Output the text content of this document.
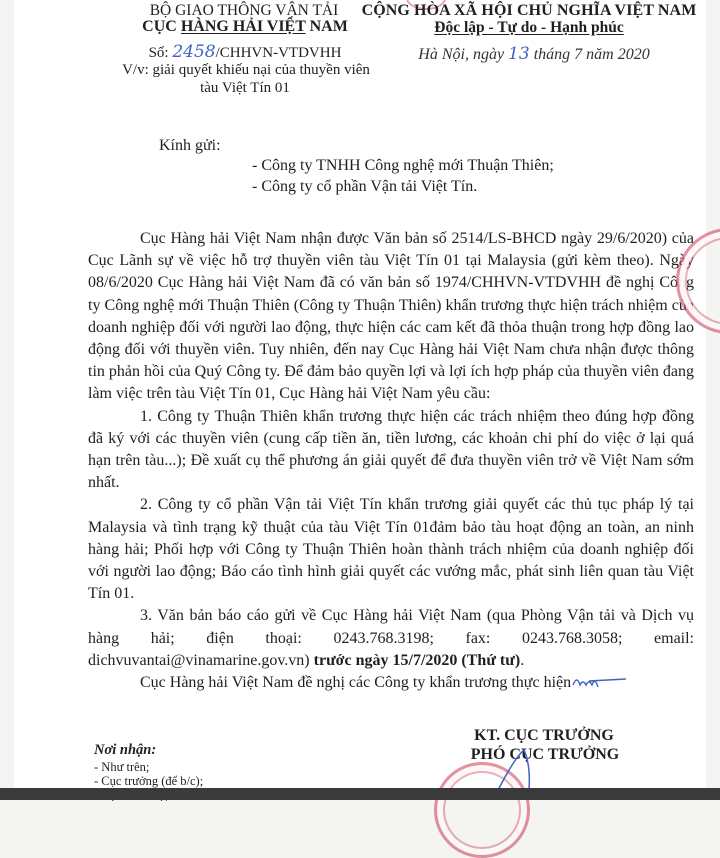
BỘ GIAO THÔNG VẬN TẢI
CỤC HÀNG HẢI VIỆT NAM
Số: 2458/CHHVN-VTDVHH
V/v: giải quyết khiếu nại của thuyền viên
tàu Việt Tín 01
CỘNG HÒA XÃ HỘI CHỦ NGHĨA VIỆT NAM
Độc lập - Tự do - Hạnh phúc
Hà Nội, ngày 13 tháng 7 năm 2020
Kính gửi:
- Công ty TNHH Công nghệ mới Thuận Thiên;
- Công ty cổ phần Vận tải Việt Tín.

Cục Hàng hải Việt Nam nhận được Văn bản số 2514/LS-BHCD ngày 29/6/2020) của Cục Lãnh sự về việc hỗ trợ thuyền viên tàu Việt Tín 01 tại Malaysia (gửi kèm theo). Ngày 08/6/2020 Cục Hàng hải Việt Nam đã có văn bản số 1974/CHHVN-VTDVHH đề nghị Công ty Công nghệ mới Thuận Thiên (Công ty Thuận Thiên) khẩn trương thực hiện trách nhiệm của doanh nghiệp đối với người lao động, thực hiện các cam kết đã thỏa thuận trong hợp đồng lao động đối với thuyền viên. Tuy nhiên, đến nay Cục Hàng hải Việt Nam chưa nhận được thông tin phản hồi của Quý Công ty. Để đảm bảo quyền lợi và lợi ích hợp pháp của thuyền viên đang làm việc trên tàu Việt Tín 01, Cục Hàng hải Việt Nam yêu cầu:

1. Công ty Thuận Thiên khẩn trương thực hiện các trách nhiệm theo đúng hợp đồng đã ký với các thuyền viên (cung cấp tiền ăn, tiền lương, các khoản chi phí do việc ở lại quá hạn trên tàu...); Đề xuất cụ thể phương án giải quyết để đưa thuyền viên trở về Việt Nam sớm nhất.

2. Công ty cổ phần Vận tải Việt Tín khẩn trương giải quyết các thủ tục pháp lý tại Malaysia và tình trạng kỹ thuật của tàu Việt Tín 01đảm bảo tàu hoạt động an toàn, an ninh hàng hải; Phối hợp với Công ty Thuận Thiên hoàn thành trách nhiệm của doanh nghiệp đối với người lao động; Báo cáo tình hình giải quyết các vướng mắc, phát sinh liên quan tàu Việt Tín 01.

3. Văn bản báo cáo gửi về Cục Hàng hải Việt Nam (qua Phòng Vận tải và Dịch vụ hàng hải; điện thoại: 0243.768.3198; fax: 0243.768.3058; email: dichvuvantai@vinamarine.gov.vn) trước ngày 15/7/2020 (Thứ tư).

Cục Hàng hải Việt Nam đề nghị các Công ty khẩn trương thực hiện

Nơi nhận:
- Như trên;
- Cục trưởng (để b/c);
KT. CỤC TRƯỞNG
PHÓ CỤC TRƯỞNG
